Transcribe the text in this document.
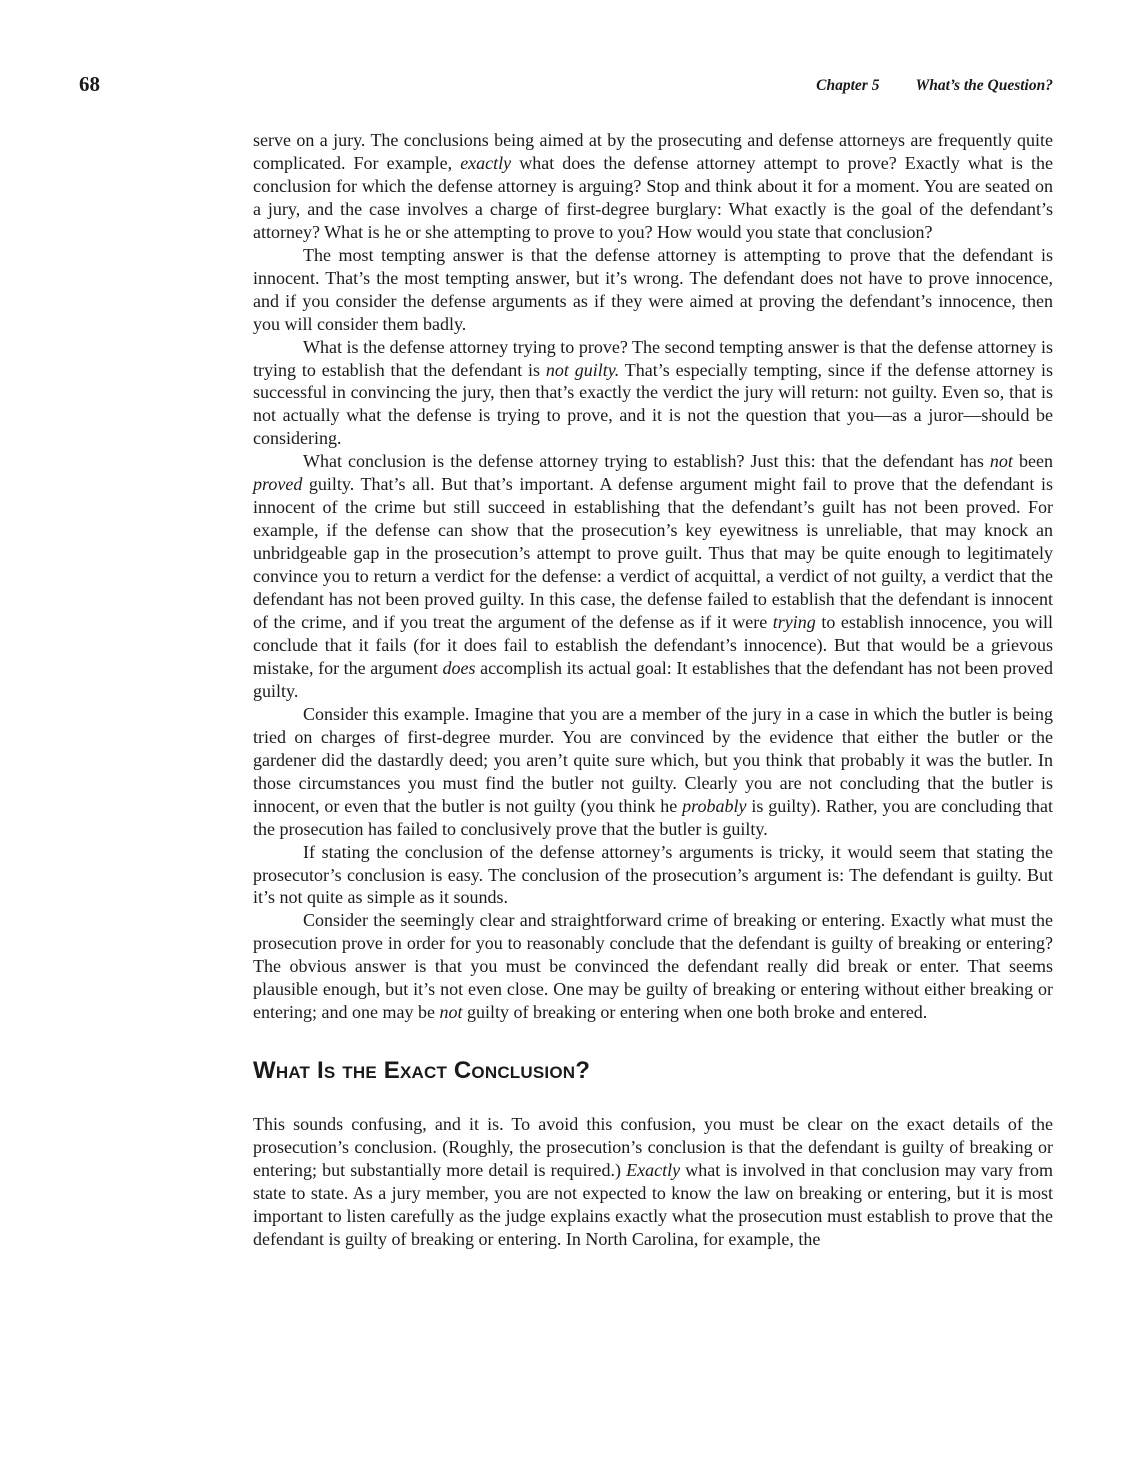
68	Chapter 5 What’s the Question?

serve on a jury. The conclusions being aimed at by the prosecuting and defense attorneys are frequently quite complicated. For example, exactly what does the defense attorney attempt to prove? Exactly what is the conclusion for which the defense attorney is arguing? Stop and think about it for a moment. You are seated on a jury, and the case involves a charge of first-degree burglary: What exactly is the goal of the defendant’s attorney? What is he or she attempting to prove to you? How would you state that conclusion?

The most tempting answer is that the defense attorney is attempting to prove that the defendant is innocent. That’s the most tempting answer, but it’s wrong. The defendant does not have to prove innocence, and if you consider the defense arguments as if they were aimed at proving the defendant’s innocence, then you will consider them badly.

What is the defense attorney trying to prove? The second tempting answer is that the defense attorney is trying to establish that the defendant is not guilty. That’s especially tempting, since if the defense attorney is successful in convincing the jury, then that’s exactly the verdict the jury will return: not guilty. Even so, that is not actually what the defense is trying to prove, and it is not the question that you—as a juror—should be considering.

What conclusion is the defense attorney trying to establish? Just this: that the defendant has not been proved guilty. That’s all. But that’s important. A defense argument might fail to prove that the defendant is innocent of the crime but still succeed in establishing that the defendant’s guilt has not been proved. For example, if the defense can show that the prosecution’s key eyewitness is unreliable, that may knock an unbridgeable gap in the prosecution’s attempt to prove guilt. Thus that may be quite enough to legitimately convince you to return a verdict for the defense: a verdict of acquittal, a verdict of not guilty, a verdict that the defendant has not been proved guilty. In this case, the defense failed to establish that the defendant is innocent of the crime, and if you treat the argument of the defense as if it were trying to establish innocence, you will conclude that it fails (for it does fail to establish the defendant’s innocence). But that would be a grievous mistake, for the argument does accomplish its actual goal: It establishes that the defendant has not been proved guilty.

Consider this example. Imagine that you are a member of the jury in a case in which the butler is being tried on charges of first-degree murder. You are convinced by the evidence that either the butler or the gardener did the dastardly deed; you aren’t quite sure which, but you think that probably it was the butler. In those circumstances you must find the butler not guilty. Clearly you are not concluding that the butler is innocent, or even that the butler is not guilty (you think he probably is guilty). Rather, you are concluding that the prosecution has failed to conclusively prove that the butler is guilty.

If stating the conclusion of the defense attorney’s arguments is tricky, it would seem that stating the prosecutor’s conclusion is easy. The conclusion of the prosecution’s argument is: The defendant is guilty. But it’s not quite as simple as it sounds.

Consider the seemingly clear and straightforward crime of breaking or entering. Exactly what must the prosecution prove in order for you to reasonably conclude that the defendant is guilty of breaking or entering? The obvious answer is that you must be convinced the defendant really did break or enter. That seems plausible enough, but it’s not even close. One may be guilty of breaking or entering without either breaking or entering; and one may be not guilty of breaking or entering when one both broke and entered.

What Is the Exact Conclusion?

This sounds confusing, and it is. To avoid this confusion, you must be clear on the exact details of the prosecution’s conclusion. (Roughly, the prosecution’s conclusion is that the defendant is guilty of breaking or entering; but substantially more detail is required.) Exactly what is involved in that conclusion may vary from state to state. As a jury member, you are not expected to know the law on breaking or entering, but it is most important to listen carefully as the judge explains exactly what the prosecution must establish to prove that the defendant is guilty of breaking or entering. In North Carolina, for example, the
